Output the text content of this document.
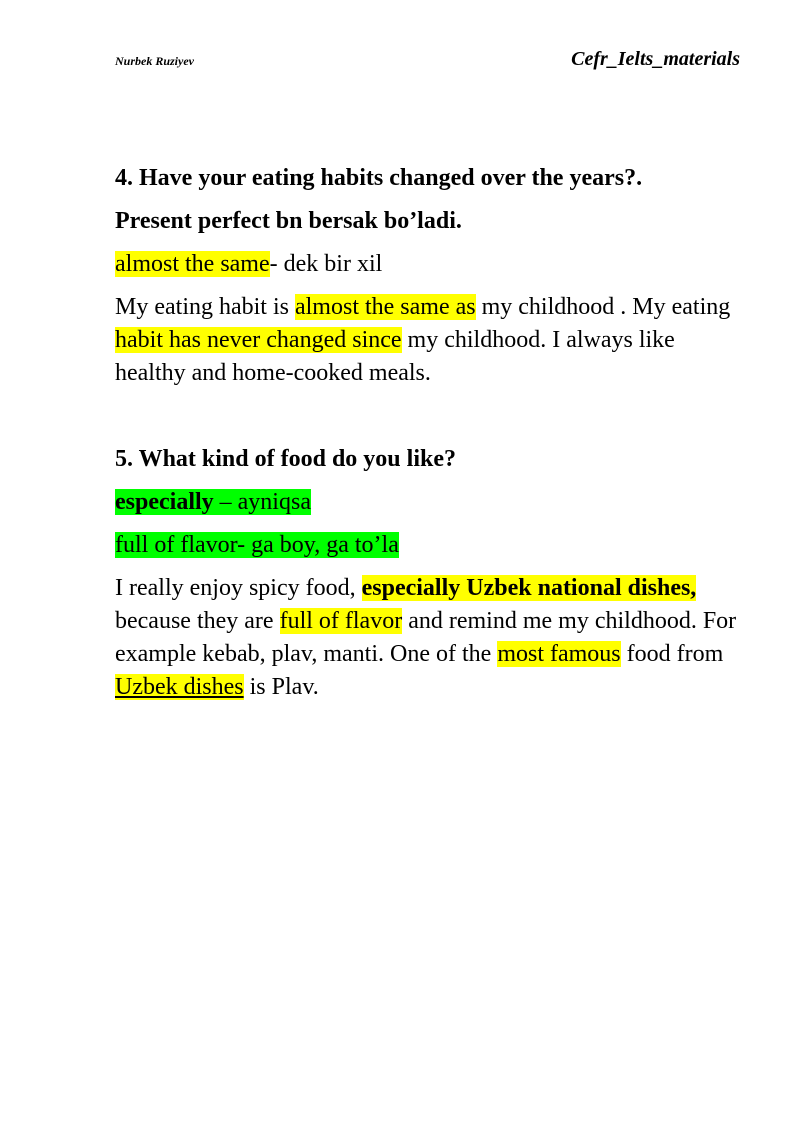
Nurbek Ruziyev	Cefr_Ielts_materials
4. Have your eating habits changed over the years?.
Present perfect bn bersak bo’ladi.
almost the same- dek bir xil

My eating habit is almost the same as my childhood . My eating habit has never changed since my childhood. I always like healthy and home-cooked meals.

5. What kind of food do you like?
especially – ayniqsa
full of flavor- ga boy, ga to’la

I really enjoy spicy food, especially Uzbek national dishes, because they are full of flavor and remind me my childhood. For example kebab, plav, manti. One of the most famous food from Uzbek dishes is Plav.
